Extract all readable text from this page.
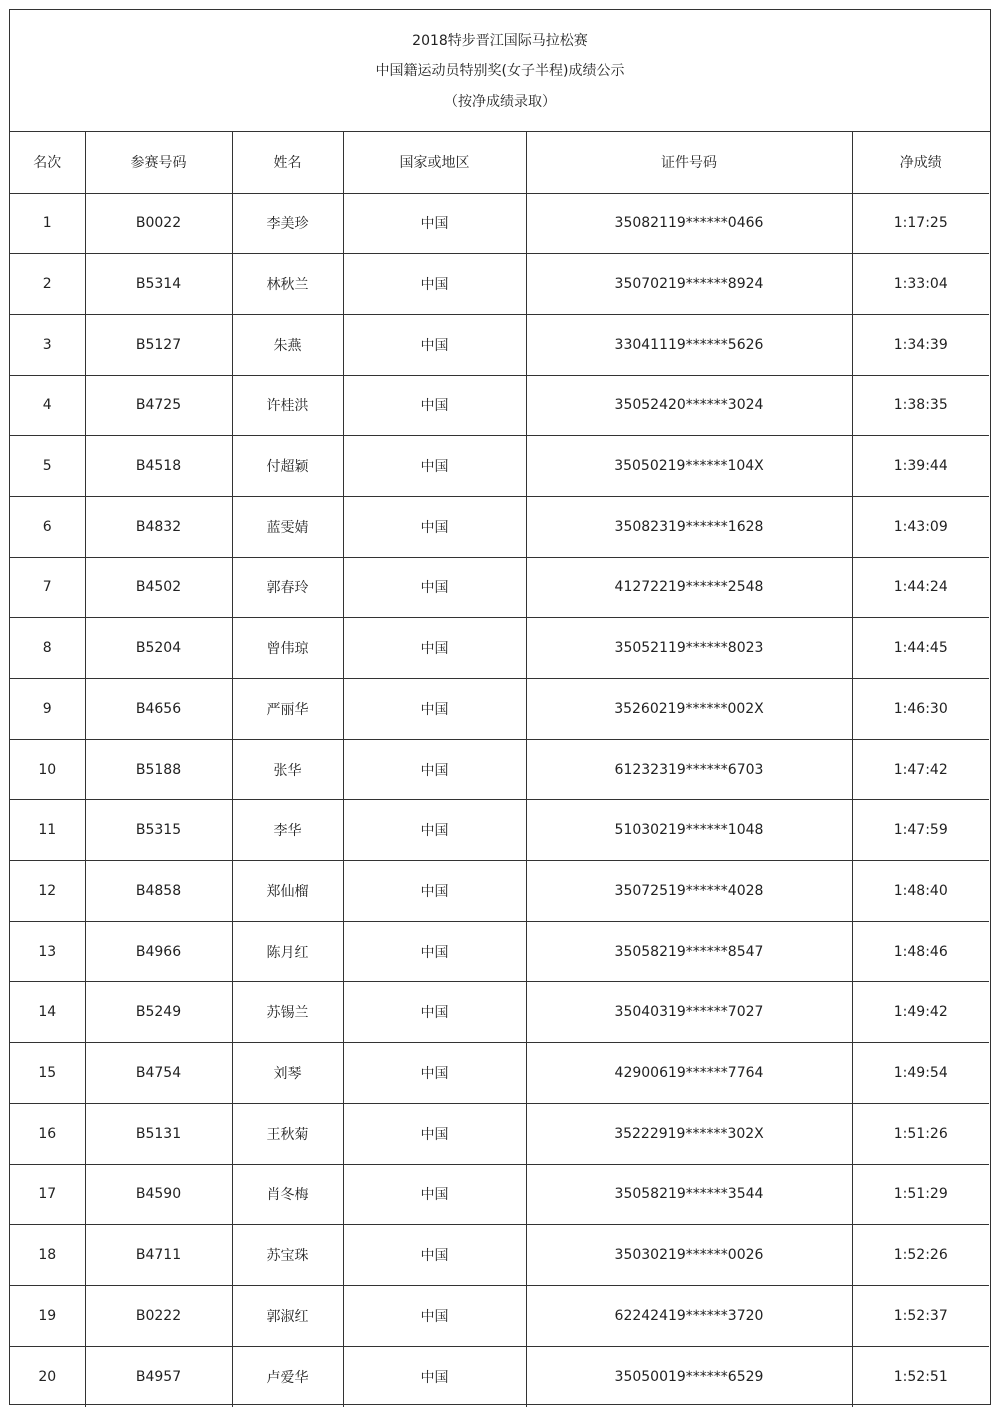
2018特步晋江国际马拉松赛
中国籍运动员特别奖(女子半程)成绩公示
（按净成绩录取）
名次	参赛号码	姓名	国家或地区	证件号码	净成绩
1	B0022	李美珍	中国	35082119******0466	1:17:25
2	B5314	林秋兰	中国	35070219******8924	1:33:04
3	B5127	朱燕	中国	33041119******5626	1:34:39
4	B4725	许桂洪	中国	35052420******3024	1:38:35
5	B4518	付超颖	中国	35050219******104X	1:39:44
6	B4832	蓝雯婧	中国	35082319******1628	1:43:09
7	B4502	郭春玲	中国	41272219******2548	1:44:24
8	B5204	曾伟琼	中国	35052119******8023	1:44:45
9	B4656	严丽华	中国	35260219******002X	1:46:30
10	B5188	张华	中国	61232319******6703	1:47:42
11	B5315	李华	中国	51030219******1048	1:47:59
12	B4858	郑仙榴	中国	35072519******4028	1:48:40
13	B4966	陈月红	中国	35058219******8547	1:48:46
14	B5249	苏锡兰	中国	35040319******7027	1:49:42
15	B4754	刘琴	中国	42900619******7764	1:49:54
16	B5131	王秋菊	中国	35222919******302X	1:51:26
17	B4590	肖冬梅	中国	35058219******3544	1:51:29
18	B4711	苏宝珠	中国	35030219******0026	1:52:26
19	B0222	郭淑红	中国	62242419******3720	1:52:37
20	B4957	卢爱华	中国	35050019******6529	1:52:51
